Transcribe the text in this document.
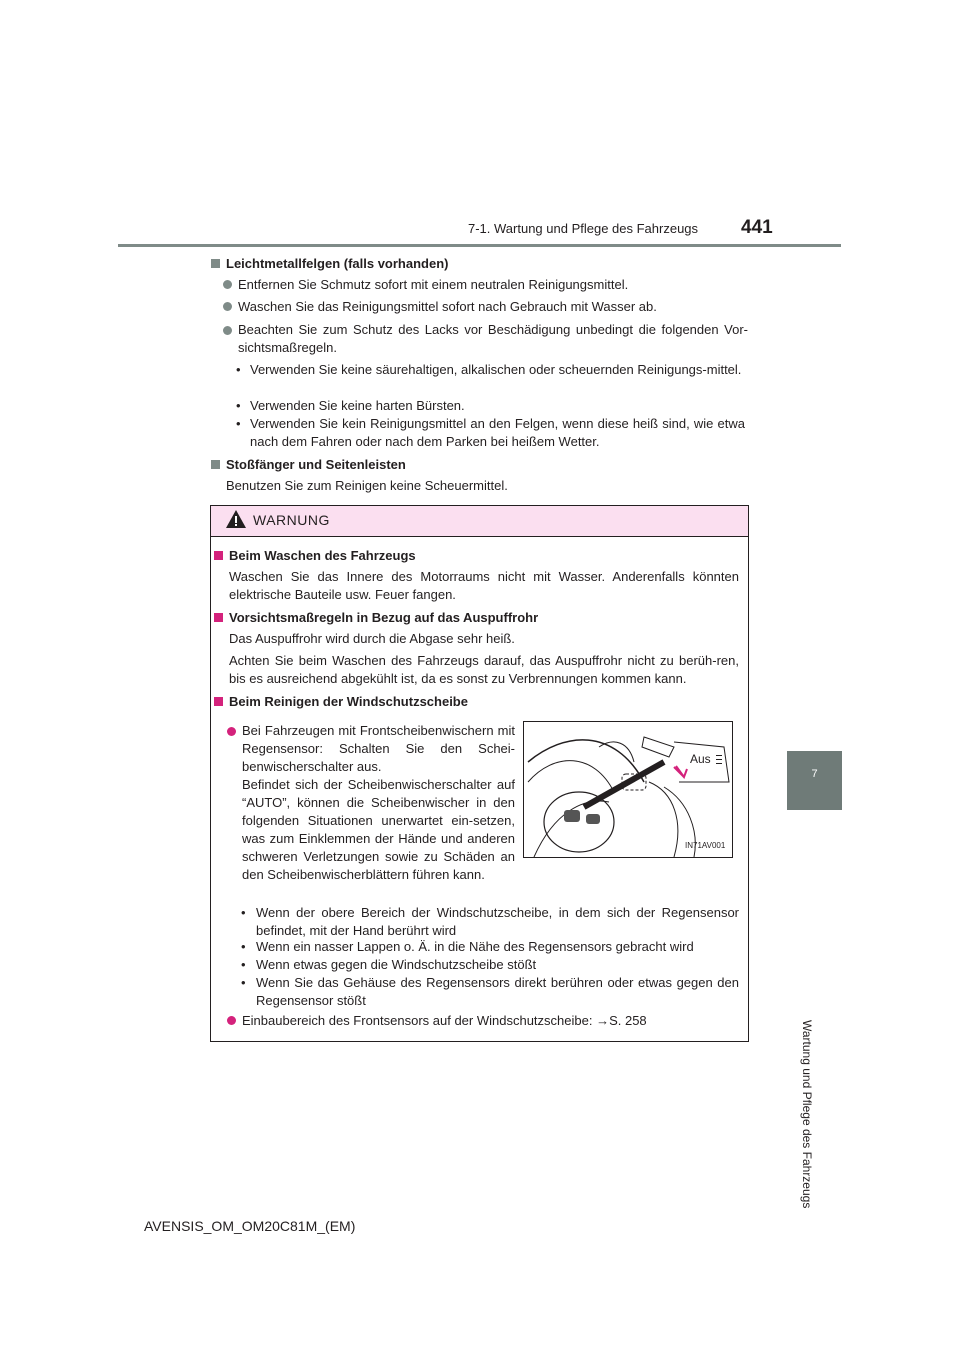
7-1. Wartung und Pflege des Fahrzeugs 441
7
Wartung und Pflege des Fahrzeugs
Leichtmetallfelgen (falls vorhanden)
Entfernen Sie Schmutz sofort mit einem neutralen Reinigungsmittel.
Waschen Sie das Reinigungsmittel sofort nach Gebrauch mit Wasser ab.
Beachten Sie zum Schutz des Lacks vor Beschädigung unbedingt die folgenden Vor-sichtsmaßregeln.
• Verwenden Sie keine säurehaltigen, alkalischen oder scheuernden Reinigungs-mittel.
• Verwenden Sie keine harten Bürsten.
• Verwenden Sie kein Reinigungsmittel an den Felgen, wenn diese heiß sind, wie etwa nach dem Fahren oder nach dem Parken bei heißem Wetter.
Stoßfänger und Seitenleisten
Benutzen Sie zum Reinigen keine Scheuermittel.
WARNUNG
Beim Waschen des Fahrzeugs
Waschen Sie das Innere des Motorraums nicht mit Wasser. Anderenfalls könnten elektrische Bauteile usw. Feuer fangen.
Vorsichtsmaßregeln in Bezug auf das Auspuffrohr
Das Auspuffrohr wird durch die Abgase sehr heiß.
Achten Sie beim Waschen des Fahrzeugs darauf, das Auspuffrohr nicht zu berüh-ren, bis es ausreichend abgekühlt ist, da es sonst zu Verbrennungen kommen kann.
Beim Reinigen der Windschutzscheibe
Bei Fahrzeugen mit Frontscheibenwischern mit Regensensor: Schalten Sie den Schei-benwischerschalter aus.
Befindet sich der Scheibenwischerschalter auf “AUTO”, können die Scheibenwischer in den folgenden Situationen unerwartet ein-setzen, was zum Einklemmen der Hände und anderen schweren Verletzungen sowie zu Schäden an den Scheibenwischerblättern führen kann.
Aus
IN71AV001
• Wenn der obere Bereich der Windschutzscheibe, in dem sich der Regensensor befindet, mit der Hand berührt wird
• Wenn ein nasser Lappen o. Ä. in die Nähe des Regensensors gebracht wird
• Wenn etwas gegen die Windschutzscheibe stößt
• Wenn Sie das Gehäuse des Regensensors direkt berühren oder etwas gegen den Regensensor stößt
Einbaubereich des Frontsensors auf der Windschutzscheibe: →S. 258
AVENSIS_OM_OM20C81M_(EM)
